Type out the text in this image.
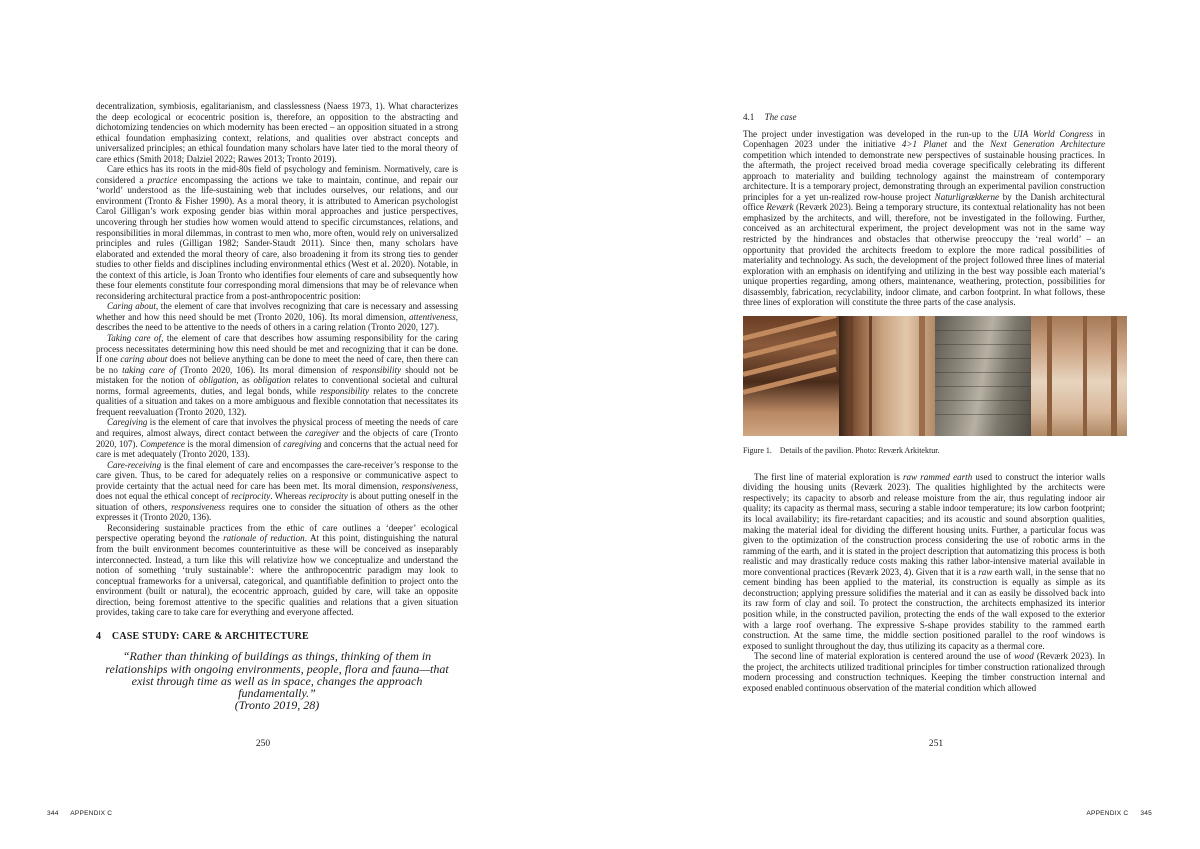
decentralization, symbiosis, egalitarianism, and classlessness (Naess 1973, 1). What characterizes the deep ecological or ecocentric position is, therefore, an opposition to the abstracting and dichotomizing tendencies on which modernity has been erected – an opposition situated in a strong ethical foundation emphasizing context, relations, and qualities over abstract concepts and universalized principles; an ethical foundation many scholars have later tied to the moral theory of care ethics (Smith 2018; Dalziel 2022; Rawes 2013; Tronto 2019).

Care ethics has its roots in the mid-80s field of psychology and feminism. Normatively, care is considered a practice encompassing the actions we take to maintain, continue, and repair our ‘world’ understood as the life-sustaining web that includes ourselves, our relations, and our environment (Tronto & Fisher 1990). As a moral theory, it is attributed to American psychologist Carol Gilligan’s work exposing gender bias within moral approaches and justice perspectives, uncovering through her studies how women would attend to specific circumstances, relations, and responsibilities in moral dilemmas, in contrast to men who, more often, would rely on universalized principles and rules (Gilligan 1982; Sander-Staudt 2011). Since then, many scholars have elaborated and extended the moral theory of care, also broadening it from its strong ties to gender studies to other fields and disciplines including environmental ethics (West et al. 2020). Notable, in the context of this article, is Joan Tronto who identifies four elements of care and subsequently how these four elements constitute four corresponding moral dimensions that may be of relevance when reconsidering architectural practice from a post-anthropocentric position:

Caring about, the element of care that involves recognizing that care is necessary and assessing whether and how this need should be met (Tronto 2020, 106). Its moral dimension, attentiveness, describes the need to be attentive to the needs of others in a caring relation (Tronto 2020, 127).

Taking care of, the element of care that describes how assuming responsibility for the caring process necessitates determining how this need should be met and recognizing that it can be done. If one caring about does not believe anything can be done to meet the need of care, then there can be no taking care of (Tronto 2020, 106). Its moral dimension of responsibility should not be mistaken for the notion of obligation, as obligation relates to conventional societal and cultural norms, formal agreements, duties, and legal bonds, while responsibility relates to the concrete qualities of a situation and takes on a more ambiguous and flexible connotation that necessitates its frequent reevaluation (Tronto 2020, 132).

Caregiving is the element of care that involves the physical process of meeting the needs of care and requires, almost always, direct contact between the caregiver and the objects of care (Tronto 2020, 107). Competence is the moral dimension of caregiving and concerns that the actual need for care is met adequately (Tronto 2020, 133).

Care-receiving is the final element of care and encompasses the care-receiver’s response to the care given. Thus, to be cared for adequately relies on a responsive or communicative aspect to provide certainty that the actual need for care has been met. Its moral dimension, responsiveness, does not equal the ethical concept of reciprocity. Whereas reciprocity is about putting oneself in the situation of others, responsiveness requires one to consider the situation of others as the other expresses it (Tronto 2020, 136).

Reconsidering sustainable practices from the ethic of care outlines a ‘deeper’ ecological perspective operating beyond the rationale of reduction. At this point, distinguishing the natural from the built environment becomes counterintuitive as these will be conceived as inseparably interconnected. Instead, a turn like this will relativize how we conceptualize and understand the notion of something ‘truly sustainable’: where the anthropocentric paradigm may look to conceptual frameworks for a universal, categorical, and quantifiable definition to project onto the environment (built or natural), the ecocentric approach, guided by care, will take an opposite direction, being foremost attentive to the specific qualities and relations that a given situation provides, taking care to take care for everything and everyone affected.

4 CASE STUDY: CARE & ARCHITECTURE
“Rather than thinking of buildings as things, thinking of them in relationships with ongoing environments, people, flora and fauna—that exist through time as well as in space, changes the approach fundamentally.”
(Tronto 2019, 28)
250
4.1 The case

The project under investigation was developed in the run-up to the UIA World Congress in Copenhagen 2023 under the initiative 4>1 Planet and the Next Generation Architecture competition which intended to demonstrate new perspectives of sustainable housing practices. In the aftermath, the project received broad media coverage specifically celebrating its different approach to materiality and building technology against the mainstream of contemporary architecture. It is a temporary project, demonstrating through an experimental pavilion construction principles for a yet un-realized row-house project Naturligrækkerne by the Danish architectural office Reværk (Reværk 2023). Being a temporary structure, its contextual relationality has not been emphasized by the architects, and will, therefore, not be investigated in the following. Further, conceived as an architectural experiment, the project development was not in the same way restricted by the hindrances and obstacles that otherwise preoccupy the ‘real world’ – an opportunity that provided the architects freedom to explore the more radical possibilities of materiality and technology. As such, the development of the project followed three lines of material exploration with an emphasis on identifying and utilizing in the best way possible each material’s unique properties regarding, among others, maintenance, weathering, protection, possibilities for disassembly, fabrication, recyclability, indoor climate, and carbon footprint. In what follows, these three lines of exploration will constitute the three parts of the case analysis.

Figure 1. Details of the pavilion. Photo: Reværk Arkitektur.

The first line of material exploration is raw rammed earth used to construct the interior walls dividing the housing units (Reværk 2023). The qualities highlighted by the architects were respectively; its capacity to absorb and release moisture from the air, thus regulating indoor air quality; its capacity as thermal mass, securing a stable indoor temperature; its low carbon footprint; its local availability; its fire-retardant capacities; and its acoustic and sound absorption qualities, making the material ideal for dividing the different housing units. Further, a particular focus was given to the optimization of the construction process considering the use of robotic arms in the ramming of the earth, and it is stated in the project description that automatizing this process is both realistic and may drastically reduce costs making this rather labor-intensive material available in more conventional practices (Reværk 2023, 4). Given that it is a raw earth wall, in the sense that no cement binding has been applied to the material, its construction is equally as simple as its deconstruction; applying pressure solidifies the material and it can as easily be dissolved back into its raw form of clay and soil. To protect the construction, the architects emphasized its interior position while, in the constructed pavilion, protecting the ends of the wall exposed to the exterior with a large roof overhang. The expressive S-shape provides stability to the rammed earth construction. At the same time, the middle section positioned parallel to the roof windows is exposed to sunlight throughout the day, thus utilizing its capacity as a thermal core.

The second line of material exploration is centered around the use of wood (Reværk 2023). In the project, the architects utilized traditional principles for timber construction rationalized through modern processing and construction techniques. Keeping the timber construction internal and exposed enabled continuous observation of the material condition which allowed

251
344 APPENDIX C	APPENDIX C 345
